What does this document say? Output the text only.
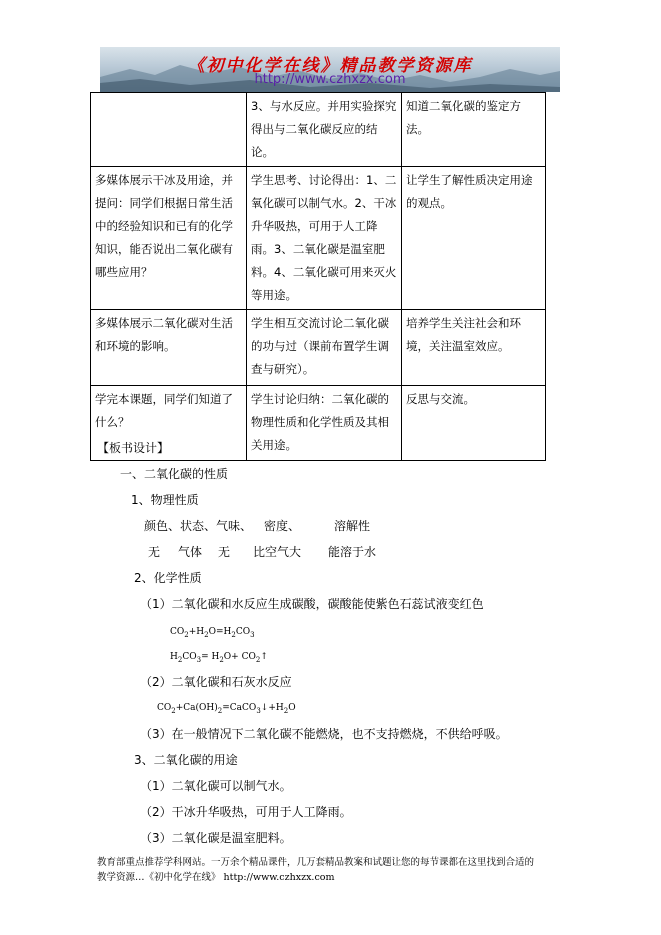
《初中化学在线》精品教学资源库
http://www.czhxzx.com
	3、与水反应。并用实验探究得出与二氧化碳反应的结论。	知道二氧化碳的鉴定方法。
多媒体展示干冰及用途，并提问：同学们根据日常生活中的经验知识和已有的化学知识，能否说出二氧化碳有哪些应用？	学生思考、讨论得出：1、二氧化碳可以制气水。2、干冰升华吸热，可用于人工降雨。3、二氧化碳是温室肥料。4、二氧化碳可用来灭火等用途。	让学生了解性质决定用途的观点。
多媒体展示二氧化碳对生活和环境的影响。	学生相互交流讨论二氧化碳的功与过（课前布置学生调查与研究）。	培养学生关注社会和环境，关注温室效应。
学完本课题，同学们知道了什么？	学生讨论归纳：二氧化碳的物理性质和化学性质及其相关用途。	反思与交流。
【板书设计】
一、二氧化碳的性质
1、物理性质
颜色、状态、气味、 密度、	溶解性
无 气体 无 比空气大 能溶于水
2、化学性质
（1）二氧化碳和水反应生成碳酸，碳酸能使紫色石蕊试液变红色
$CO_2+H_2O=H_2CO_3$
$H_2CO_3= H_2O+$ $CO_2↑$
（2）二氧化碳和石灰水反应
$CO_2+Ca(OH)_2=CaCO_3↓+H_2O$
（3）在一般情况下二氧化碳不能燃烧，也不支持燃烧，不供给呼吸。
3、二氧化碳的用途
（1）二氧化碳可以制气水。
（2）干冰升华吸热，可用于人工降雨。
（3）二氧化碳是温室肥料。
教育部重点推荐学科网站。一万余个精品课件，几万套精品教案和试题让您的每节课都在这里找到合适的
教学资源…《初中化学在线》 http://www.czhxzx.com
